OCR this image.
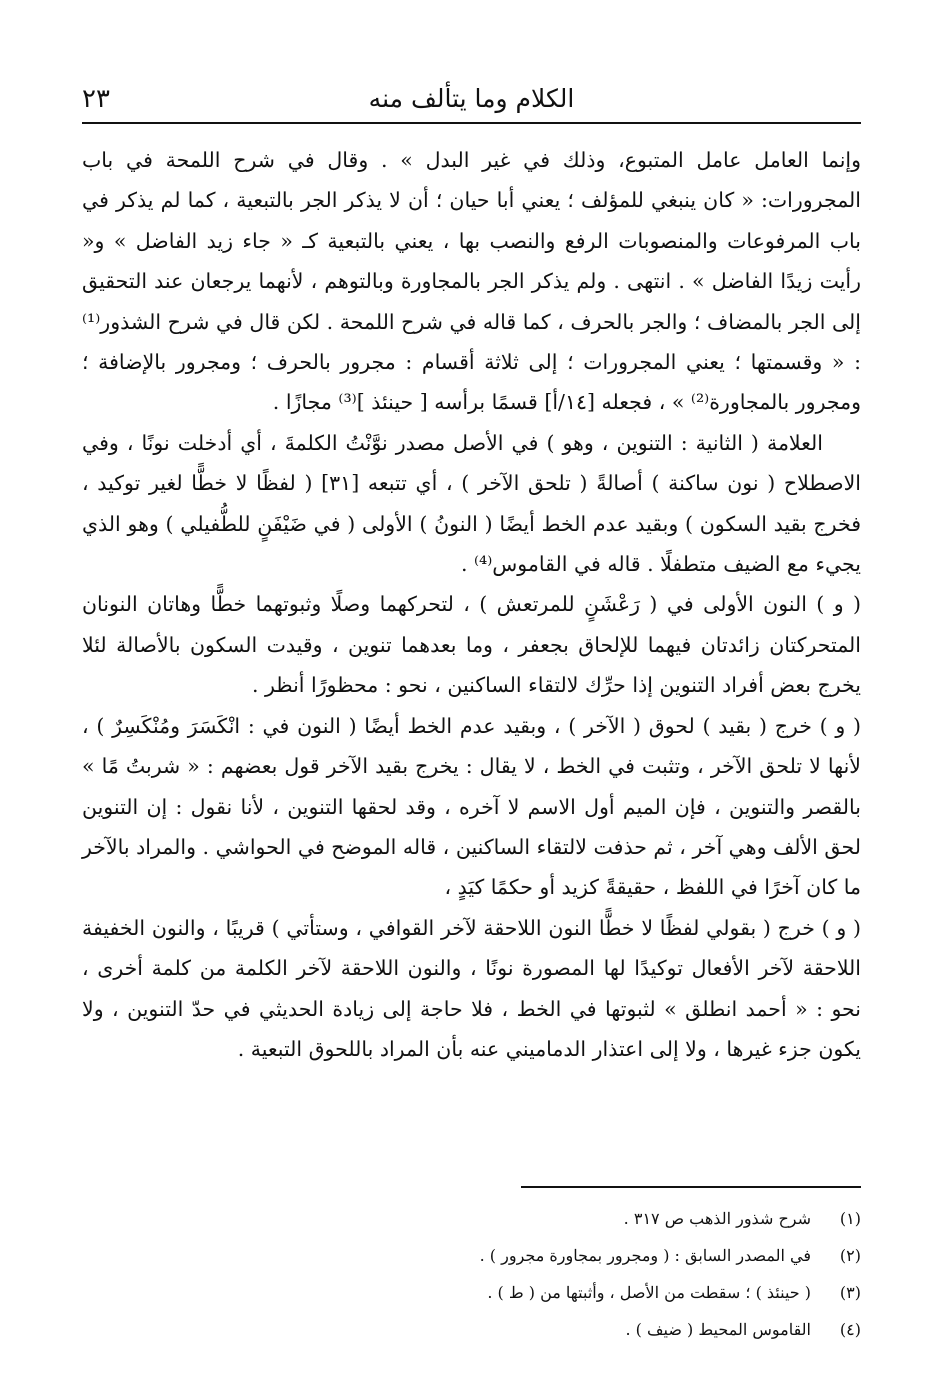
الكلام وما يتألف منه
٢٣

وإنما العامل عامل المتبوع، وذلك في غير البدل » . وقال في شرح اللمحة في باب المجرورات: « كان ينبغي للمؤلف ؛ يعني أبا حيان ؛ أن لا يذكر الجر بالتبعية ، كما لم يذكر في باب المرفوعات والمنصوبات الرفع والنصب بها ، يعني بالتبعية كـ « جاء زيد الفاضل » و« رأيت زيدًا الفاضل » . انتهى . ولم يذكر الجر بالمجاورة وبالتوهم ، لأنهما يرجعان عند التحقيق إلى الجر بالمضاف ؛ والجر بالحرف ، كما قاله في شرح اللمحة . لكن قال في شرح الشذور⁽¹⁾ : « وقسمتها ؛ يعني المجرورات ؛ إلى ثلاثة أقسام : مجرور بالحرف ؛ ومجرور بالإضافة ؛ ومجرور بالمجاورة⁽²⁾ » ، فجعله [١٤/أ] قسمًا برأسه [ حينئذ ]⁽³⁾ مجازًا .

العلامة ( الثانية : التنوين ، وهو ) في الأصل مصدر نوَّنْتُ الكلمةَ ، أي أدخلت نونًا ، وفي الاصطلاح ( نون ساكنة ) أصالةً ( تلحق الآخر ) ، أي تتبعه [٣١] ( لفظًا لا خطًّا لغير توكيد ، فخرج بقيد السكون ) وبقيد عدم الخط أيضًا ( النونُ ) الأولى ( في ضَيْفَنٍ للطُّفيلي ) وهو الذي يجيء مع الضيف متطفلًا . قاله في القاموس⁽⁴⁾ .

( و ) النون الأولى في ( رَعْشَنٍ للمرتعش ) ، لتحركهما وصلًا وثبوتهما خطًّا وهاتان النونان المتحركتان زائدتان فيهما للإلحاق بجعفر ، وما بعدهما تنوين ، وقيدت السكون بالأصالة لئلا يخرج بعض أفراد التنوين إذا حرِّك لالتقاء الساكنين ، نحو : محظورًا أنظر .

( و ) خرج ( بقيد ) لحوق ( الآخر ) ، وبقيد عدم الخط أيضًا ( النون في : انْكَسَرَ ومُنْكَسِرٌ ) ، لأنها لا تلحق الآخر ، وتثبت في الخط ، لا يقال : يخرج بقيد الآخر قول بعضهم : « شربتُ مًا » بالقصر والتنوين ، فإن الميم أول الاسم لا آخره ، وقد لحقها التنوين ، لأنا نقول : إن التنوين لحق الألف وهي آخر ، ثم حذفت لالتقاء الساكنين ، قاله الموضح في الحواشي . والمراد بالآخر ما كان آخرًا في اللفظ ، حقيقةً كزيد أو حكمًا كيَدٍ ،

( و ) خرج ( بقولي لفظًا لا خطًّا النون اللاحقة لآخر القوافي ، وستأتي ) قريبًا ، والنون الخفيفة اللاحقة لآخر الأفعال توكيدًا لها المصورة نونًا ، والنون اللاحقة لآخر الكلمة من كلمة أخرى ، نحو : « أحمد انطلق » لثبوتها في الخط ، فلا حاجة إلى زيادة الحديثي في حدّ التنوين ، ولا يكون جزء غيرها ، ولا إلى اعتذار الدماميني عنه بأن المراد باللحوق التبعية .

(١)
شرح شذور الذهب ص ٣١٧ .
(٢)
في المصدر السابق : ( ومجرور بمجاورة مجرور ) .
(٣)
( حينئذ ) ؛ سقطت من الأصل ، وأثبتها من ( ط ) .
(٤)
القاموس المحيط ( ضيف ) .
